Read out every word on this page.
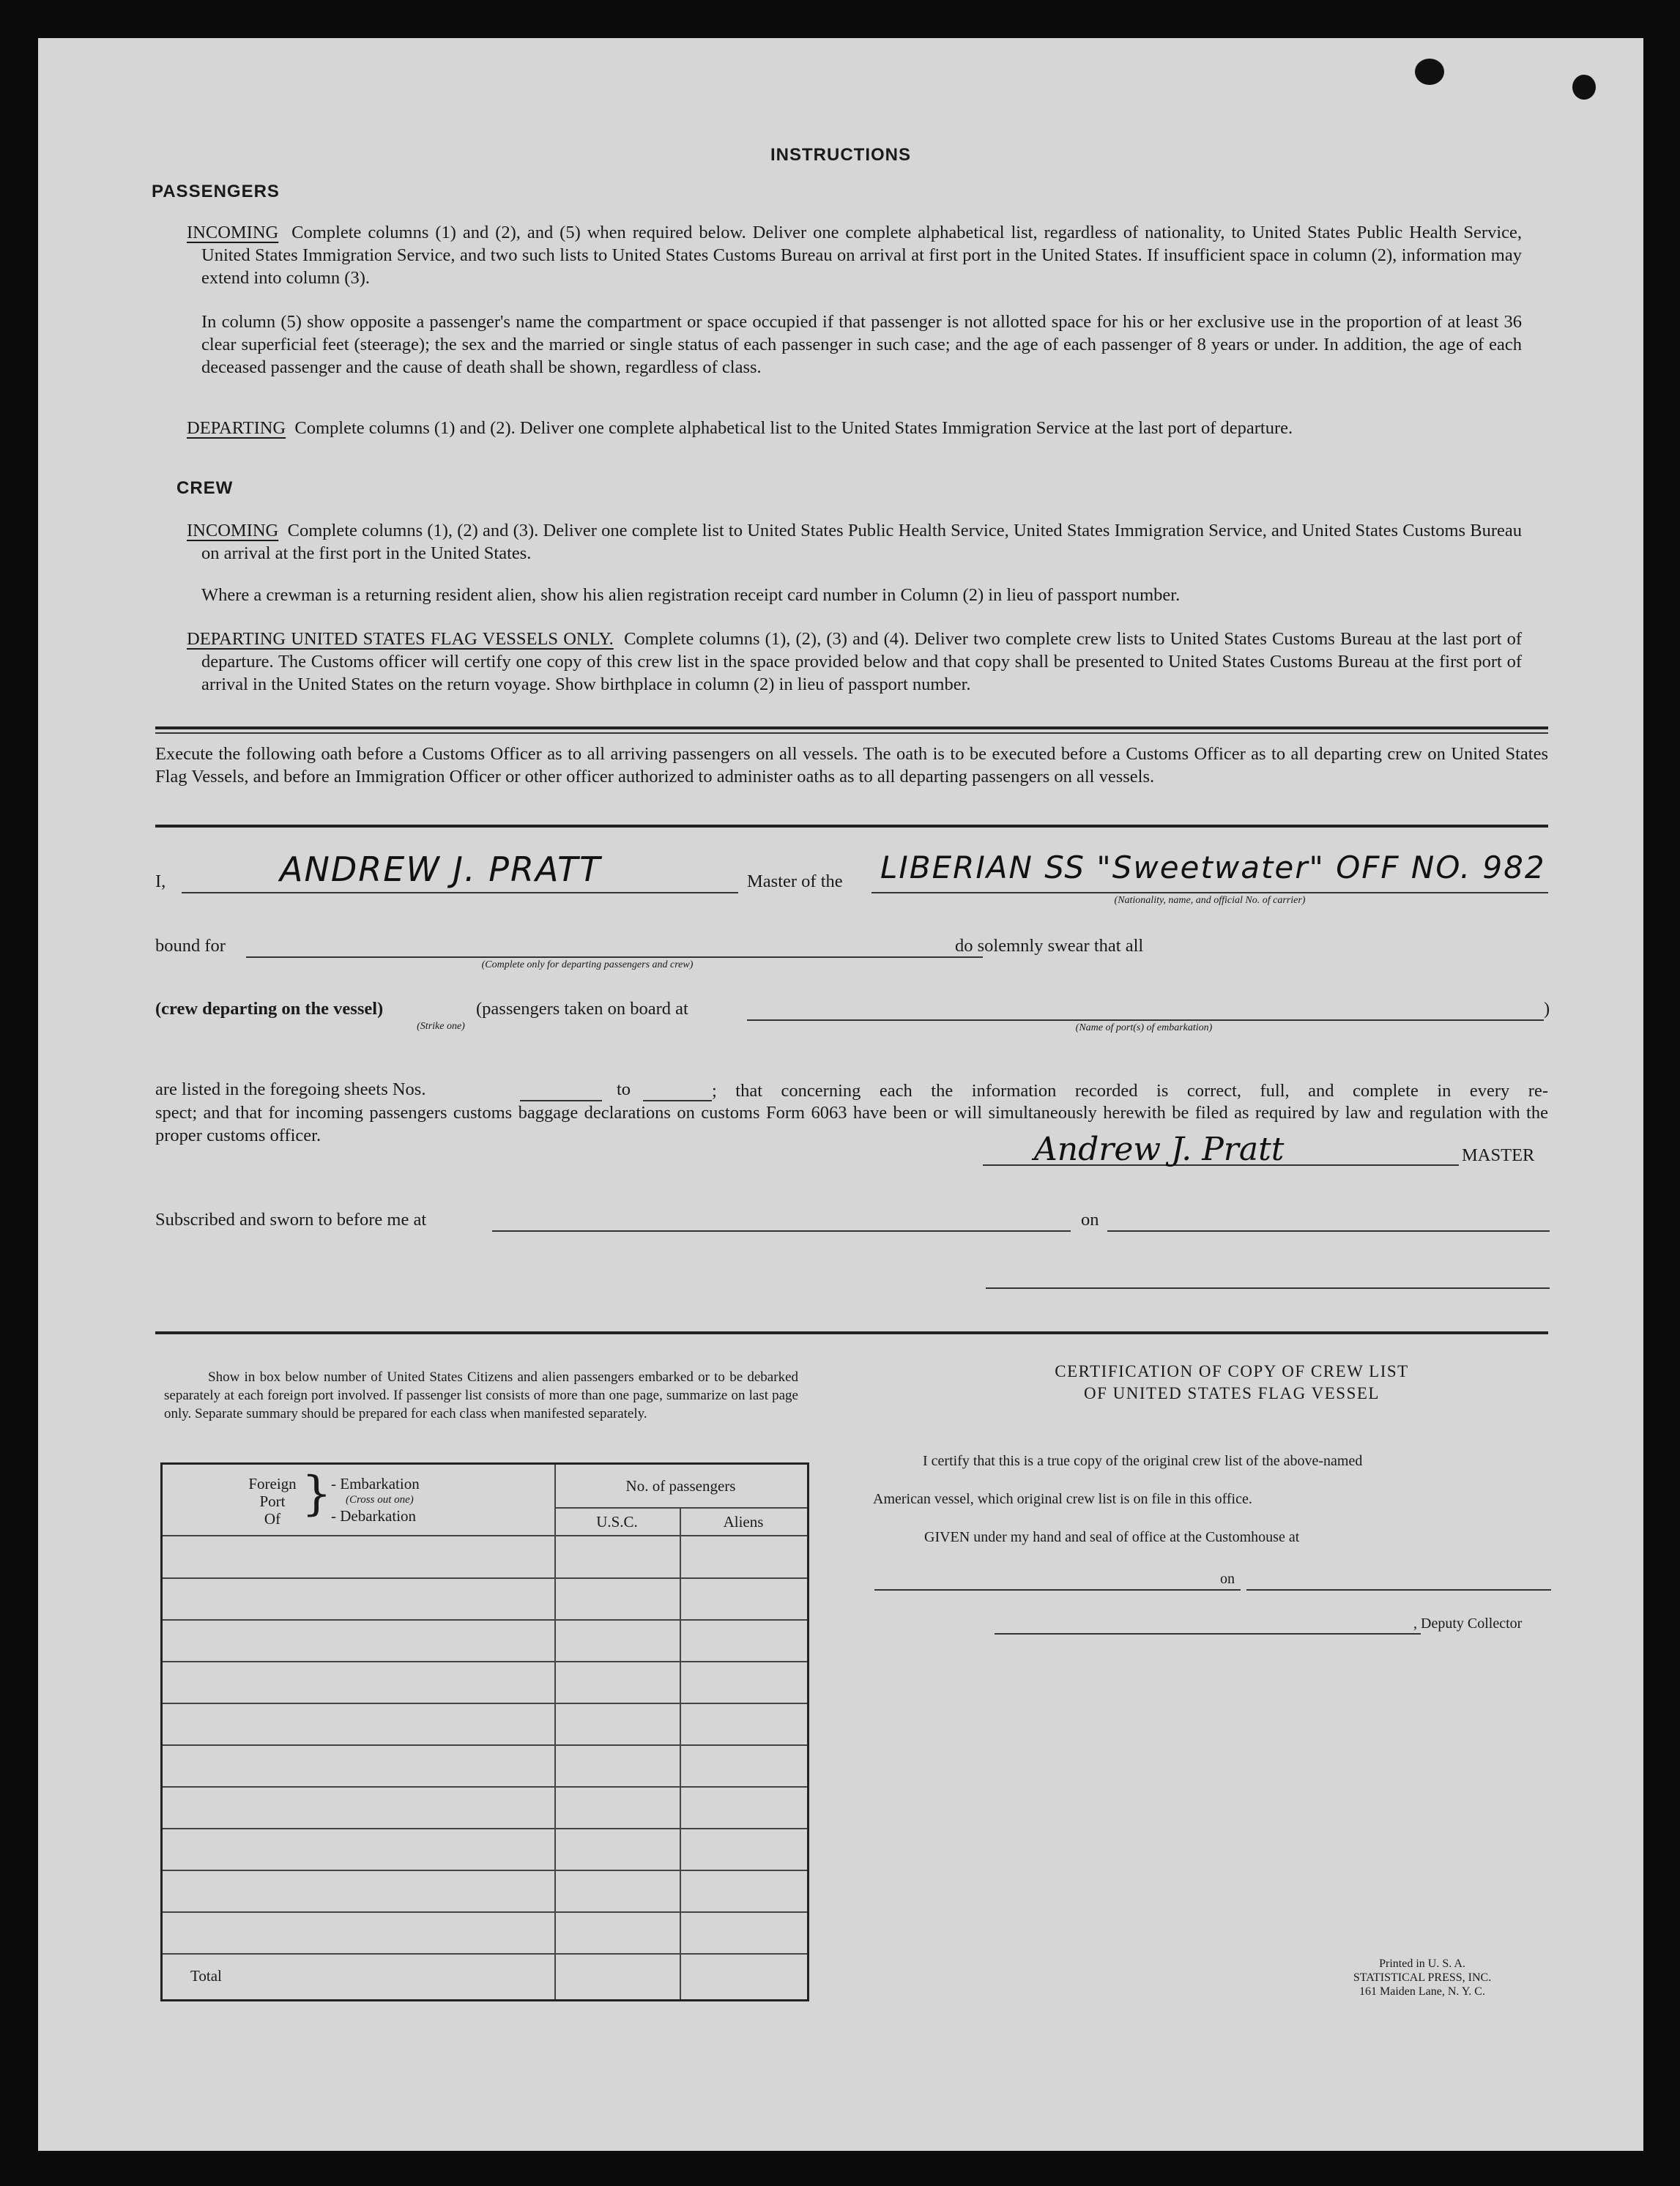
INSTRUCTIONS
PASSENGERS

INCOMING Complete columns (1) and (2), and (5) when required below. Deliver one complete alphabetical list, regardless of nationality, to United States Public Health Service, United States Immigration Service, and two such lists to United States Customs Bureau on arrival at first port in the United States. If insufficient space in column (2), information may extend into column (3).

In column (5) show opposite a passenger's name the compartment or space occupied if that passenger is not allotted space for his or her exclusive use in the proportion of at least 36 clear superficial feet (steerage); the sex and the married or single status of each passenger in such case; and the age of each passenger of 8 years or under. In addition, the age of each deceased passenger and the cause of death shall be shown, regardless of class.

DEPARTING Complete columns (1) and (2). Deliver one complete alphabetical list to the United States Immigration Service at the last port of departure.

CREW

INCOMING Complete columns (1), (2) and (3). Deliver one complete list to United States Public Health Service, United States Immigration Service, and United States Customs Bureau on arrival at the first port in the United States.

Where a crewman is a returning resident alien, show his alien registration receipt card number in Column (2) in lieu of passport number.

DEPARTING UNITED STATES FLAG VESSELS ONLY. Complete columns (1), (2), (3) and (4). Deliver two complete crew lists to United States Customs Bureau at the last port of departure. The Customs officer will certify one copy of this crew list in the space provided below and that copy shall be presented to United States Customs Bureau at the first port of arrival in the United States on the return voyage. Show birthplace in column (2) in lieu of passport number.

Execute the following oath before a Customs Officer as to all arriving passengers on all vessels. The oath is to be executed before a Customs Officer as to all departing crew on United States Flag Vessels, and before an Immigration Officer or other officer authorized to administer oaths as to all departing passengers on all vessels.

I,	ANDREW J. PRATT	Master of the LIBERIAN SS "Sweetwater" OFF NO. 982
(Nationality, name, and official No. of carrier)
bound for
(Complete only for departing passengers and crew)
do solemnly swear that all
(crew departing on the vessel)
(Strike one)
(passengers taken on board at	)
(Name of port(s) of embarkation)
are listed in the foregoing sheets Nos.	to	; that concerning each the information recorded is correct, full, and complete in every re-

spect; and that for incoming passengers customs baggage declarations on customs Form 6063 have been or will simultaneously herewith be filed as required by law and regulation with the proper customs officer.	Andrew J. Pratt	MASTER
Subscribed and sworn to before me at	on

Show in box below number of United States Citizens and alien passengers embarked or to be debarked separately at each foreign port involved. If passenger list consists of more than one page, summarize on last page only. Separate summary should be prepared for each class when manifested separately.

Foreign
Port
Of } - Embarkation
(Cross out one)
- Debarkation
No. of passengers
U.S.C.	Aliens
Total
CERTIFICATION OF COPY OF CREW LIST
OF UNITED STATES FLAG VESSEL
I certify that this is a true copy of the original crew list of the above-named
American vessel, which original crew list is on file in this office.
GIVEN under my hand and seal of office at the Customhouse at
on
, Deputy Collector
Printed in U. S. A.
STATISTICAL PRESS, INC.
161 Maiden Lane, N. Y. C.
